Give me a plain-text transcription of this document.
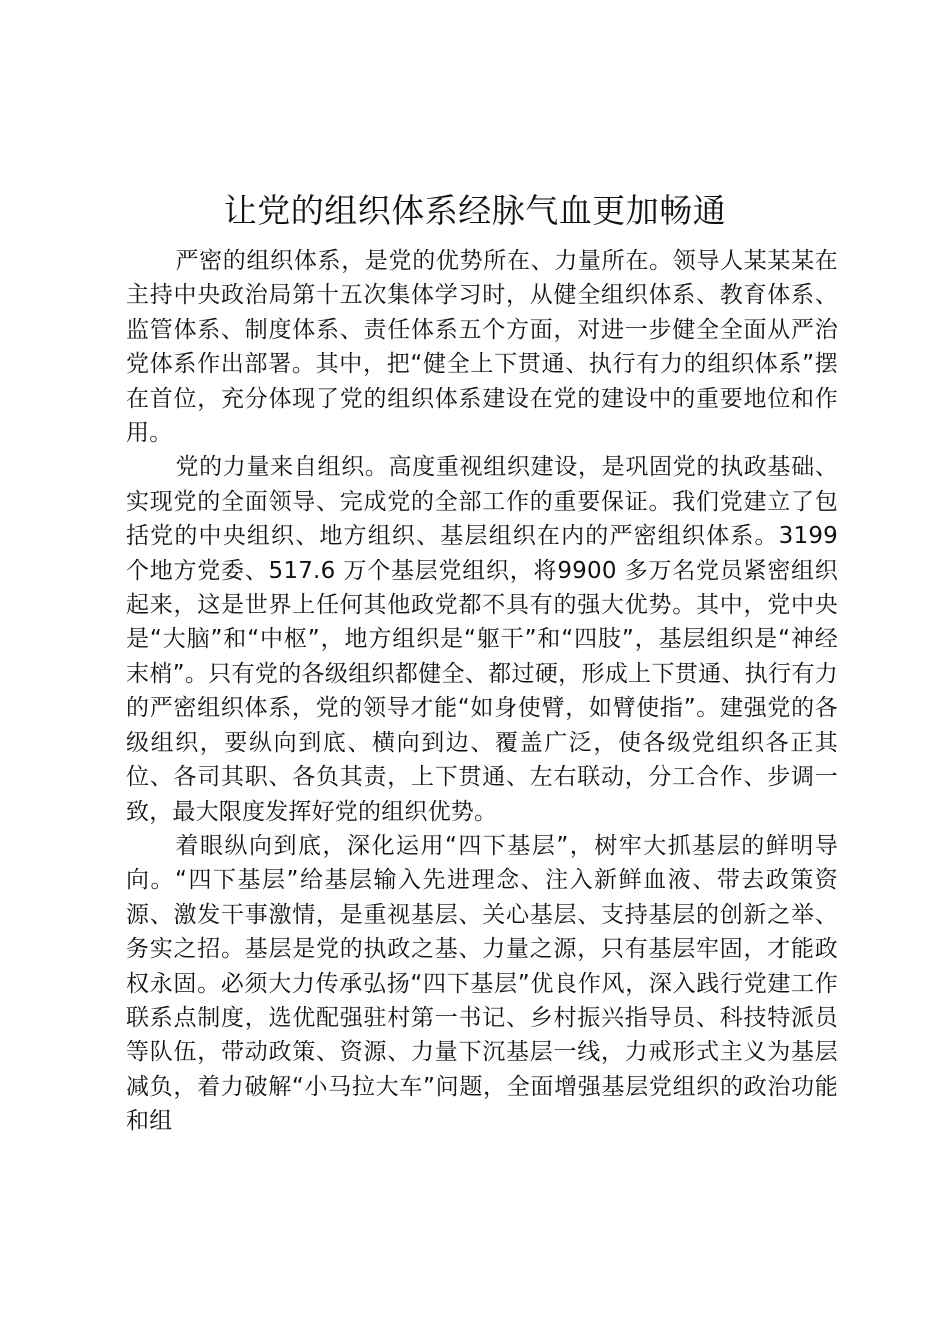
让党的组织体系经脉气血更加畅通

严密的组织体系，是党的优势所在、力量所在。领导人某某某在主持中央政治局第十五次集体学习时，从健全组织体系、教育体系、监管体系、制度体系、责任体系五个方面，对进一步健全全面从严治党体系作出部署。其中，把“健全上下贯通、执行有力的组织体系”摆在首位，充分体现了党的组织体系建设在党的建设中的重要地位和作用。

党的力量来自组织。高度重视组织建设，是巩固党的执政基础、实现党的全面领导、完成党的全部工作的重要保证。我们党建立了包括党的中央组织、地方组织、基层组织在内的严密组织体系。3199 个地方党委、517.6 万个基层党组织，将9900 多万名党员紧密组织起来，这是世界上任何其他政党都不具有的强大优势。其中，党中央是“大脑”和“中枢”，地方组织是“躯干”和“四肢”，基层组织是“神经末梢”。只有党的各级组织都健全、都过硬，形成上下贯通、执行有力的严密组织体系，党的领导才能“如身使臂，如臂使指”。建强党的各级组织，要纵向到底、横向到边、覆盖广泛，使各级党组织各正其位、各司其职、各负其责，上下贯通、左右联动，分工合作、步调一致，最大限度发挥好党的组织优势。

着眼纵向到底，深化运用“四下基层”，树牢大抓基层的鲜明导向。“四下基层”给基层输入先进理念、注入新鲜血液、带去政策资源、激发干事激情，是重视基层、关心基层、支持基层的创新之举、务实之招。基层是党的执政之基、力量之源，只有基层牢固，才能政权永固。必须大力传承弘扬“四下基层”优良作风，深入践行党建工作联系点制度，选优配强驻村第一书记、乡村振兴指导员、科技特派员等队伍，带动政策、资源、力量下沉基层一线，力戒形式主义为基层减负，着力破解“小马拉大车”问题，全面增强基层党组织的政治功能和组
